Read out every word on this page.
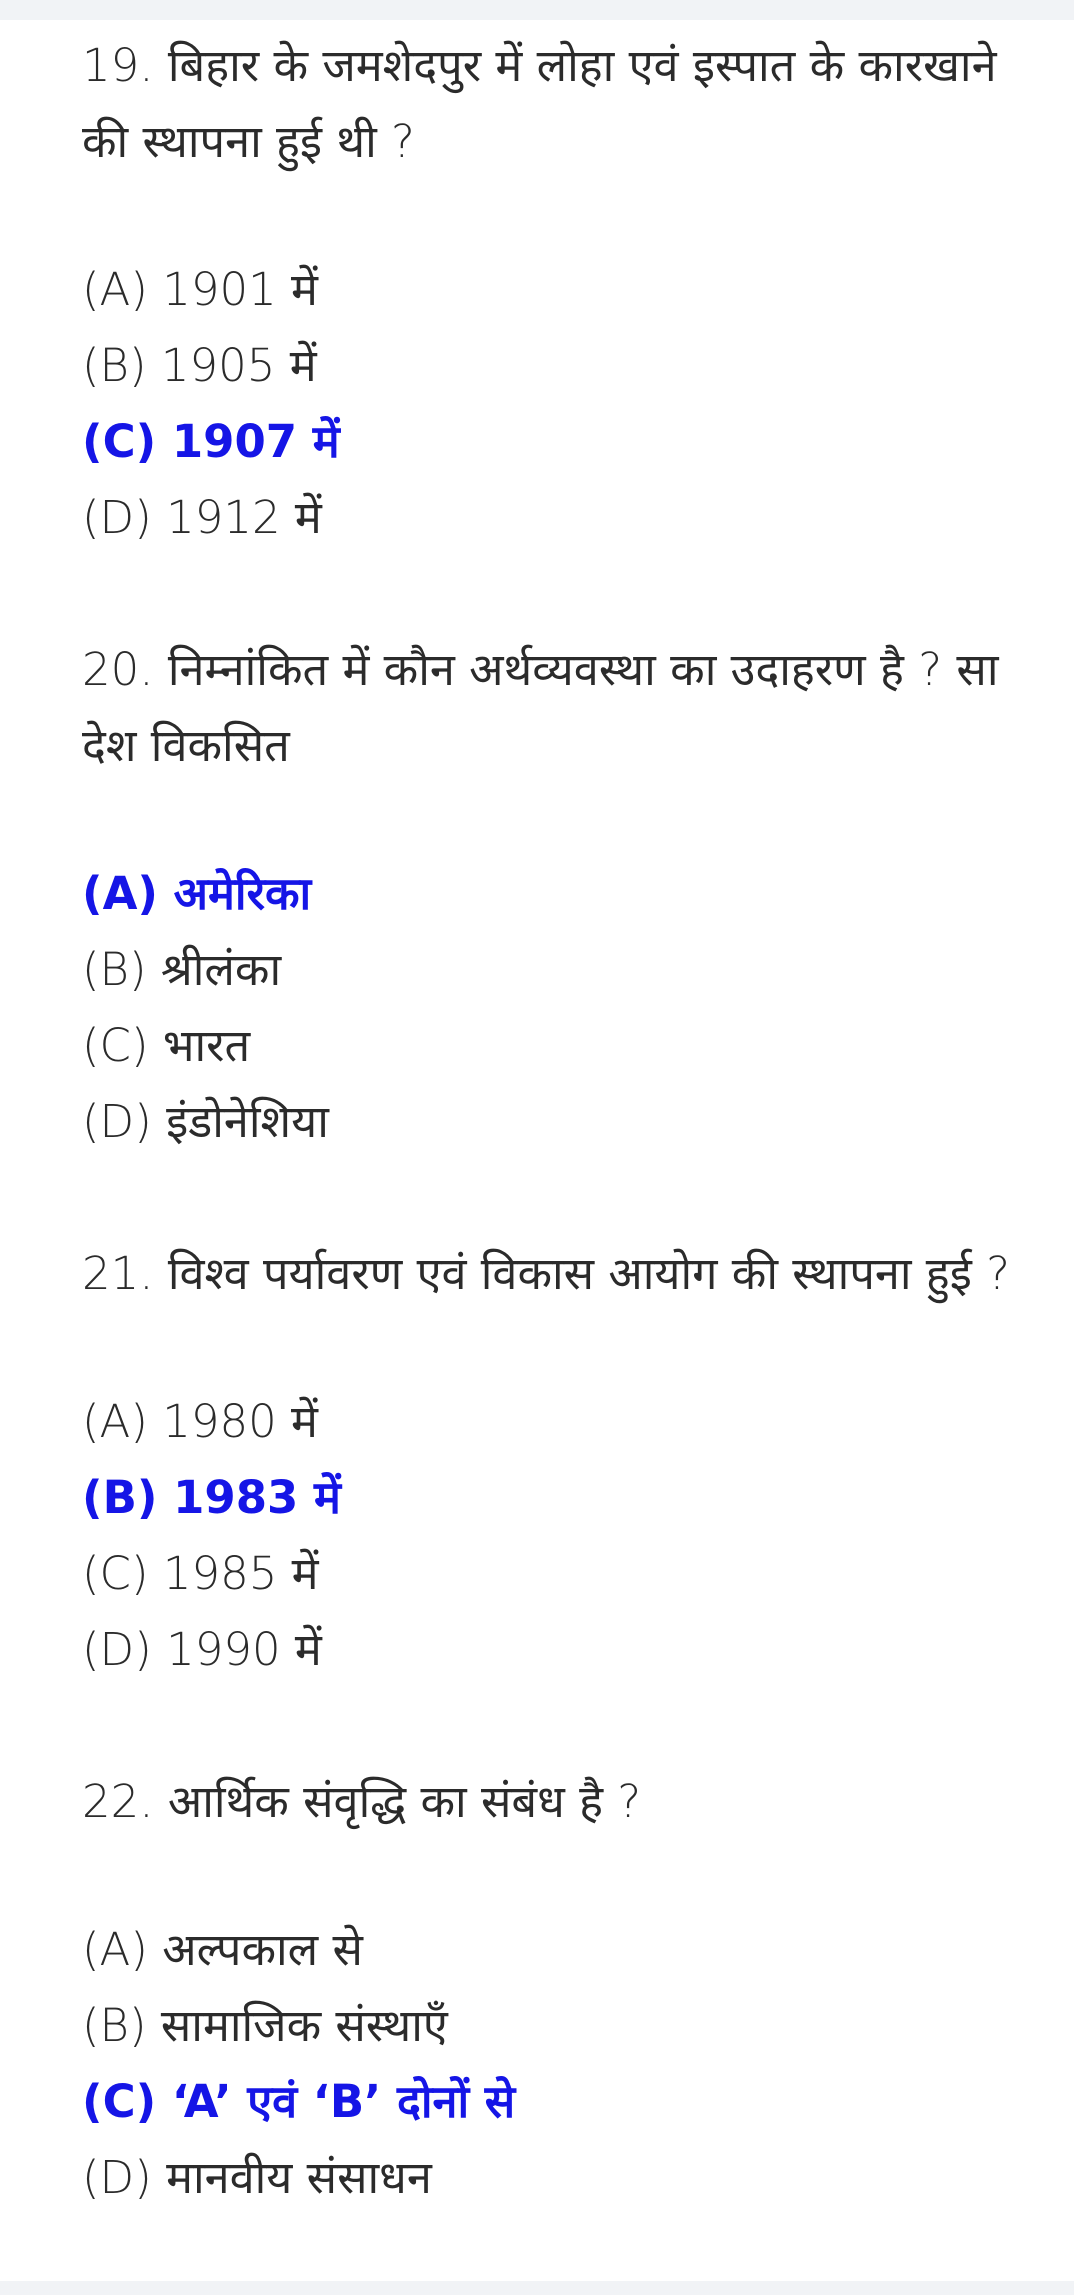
19. बिहार के जमशेदपुर में लोहा एवं इस्पात के कारखाने की स्थापना हुई थी ?

(A) 1901 में
(B) 1905 में
(C) 1907 में
(D) 1912 में

20. निम्नांकित में कौन अर्थव्यवस्था का उदाहरण है ? सा देश विकसित

(A) अमेरिका
(B) श्रीलंका
(C) भारत
(D) इंडोनेशिया

21. विश्व पर्यावरण एवं विकास आयोग की स्थापना हुई ?

(A) 1980 में
(B) 1983 में
(C) 1985 में
(D) 1990 में

22. आर्थिक संवृद्धि का संबंध है ?

(A) अल्पकाल से
(B) सामाजिक संस्थाएँ
(C) ‘A’ एवं ‘B’ दोनों से
(D) मानवीय संसाधन
